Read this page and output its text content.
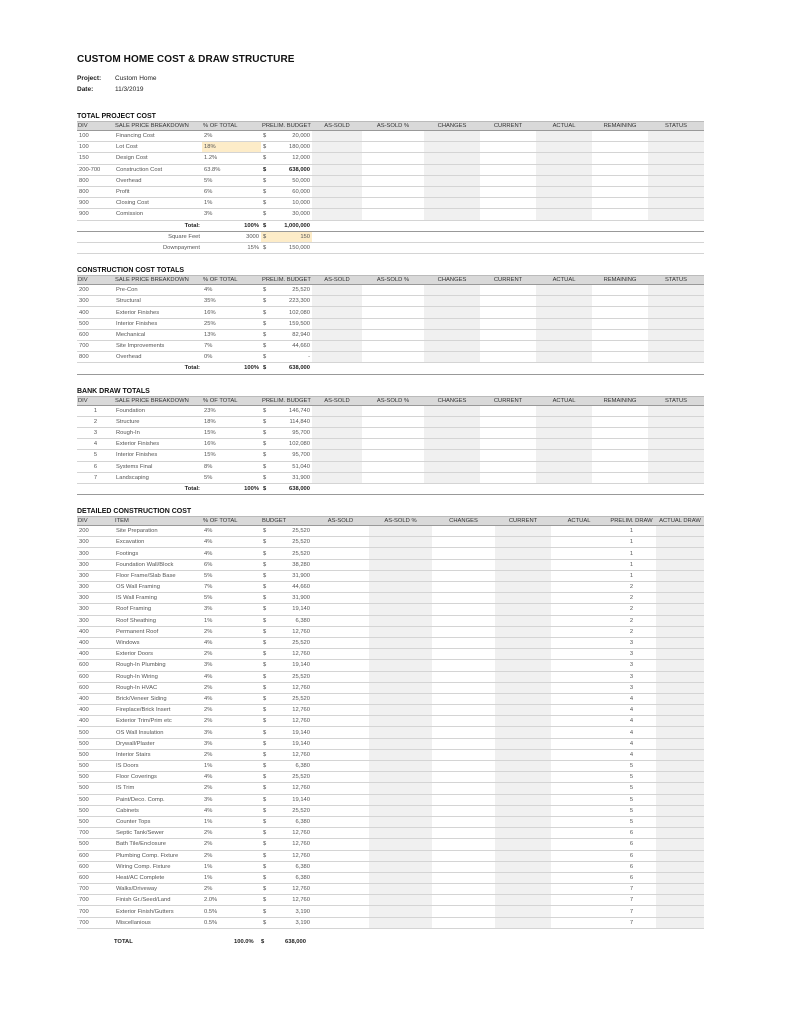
CUSTOM HOME COST & DRAW STRUCTURE
Project:	Custom Home
Date:	11/3/2019
TOTAL PROJECT COST
DIV	SALE PRICE BREAKDOWN	% OF TOTAL	PRELIM. BUDGET	AS-SOLD	AS-SOLD %	CHANGES	CURRENT	ACTUAL	REMAINING	STATUS
100	Financing Cost	2%	$ 20,000							

100	Lot Cost	18%	$ 180,000							

150	Design Cost	1.2%	$ 12,000							

200-700	Construction Cost	63.8%	$ 638,000							

800	Overhead	5%	$ 50,000							

800	Profit	6%	$ 60,000							

900	Closing Cost	1%	$ 10,000							

900	Comission	3%	$ 30,000							

	Total:	100%	$ 1,000,000							

	Square Feet	3000	$ 150							

	Downpayment	15%	$ 150,000							

CONSTRUCTION COST TOTALS
DIV	SALE PRICE BREAKDOWN	% OF TOTAL	PRELIM. BUDGET	AS-SOLD	AS-SOLD %	CHANGES	CURRENT	ACTUAL	REMAINING	STATUS
200	Pre-Con	4%	$ 25,520							

300	Structural	35%	$ 223,300							

400	Exterior Finishes	16%	$ 102,080							

500	Interior Finishes	25%	$ 159,500							

600	Mechanical	13%	$ 82,940							

700	Site Improvements	7%	$ 44,660							

800	Overhead	0%	$ -							

	Total:	100%	$ 638,000							

BANK DRAW TOTALS
DIV	SALE PRICE BREAKDOWN	% OF TOTAL	PRELIM. BUDGET	AS-SOLD	AS-SOLD %	CHANGES	CURRENT	ACTUAL	REMAINING	STATUS
1	Foundation	23%	$ 146,740							

2	Structure	18%	$ 114,840							

3	Rough-In	15%	$ 95,700							

4	Exterior Finishes	16%	$ 102,080							

5	Interior Finishes	15%	$ 95,700							

6	Systems Final	8%	$ 51,040							

7	Landscaping	5%	$ 31,900							

	Total:	100%	$ 638,000							

DETAILED CONSTRUCTION COST
DIV	ITEM	% OF TOTAL	BUDGET	AS-SOLD	AS-SOLD %	CHANGES	CURRENT	ACTUAL	PRELIM. DRAW	ACTUAL DRAW
200	Site Preparation	4%	$ 25,520						1	
300	Excavation	4%	$ 25,520						1	
300	Footings	4%	$ 25,520						1	
300	Foundation Wall/Block	6%	$ 38,280						1	
300	Floor Frame/Slab Base	5%	$ 31,900						1	
300	OS Wall Framing	7%	$ 44,660						2	
300	IS Wall Framing	5%	$ 31,900						2	
300	Roof Framing	3%	$ 19,140						2	
300	Roof Sheathing	1%	$ 6,380						2	
400	Permanent Roof	2%	$ 12,760						2	
400	Windows	4%	$ 25,520						3	
400	Exterior Doors	2%	$ 12,760						3	
600	Rough-In Plumbing	3%	$ 19,140						3	
600	Rough-In Wiring	4%	$ 25,520						3	
600	Rough-In HVAC	2%	$ 12,760						3	
400	Brick/Veneer Siding	4%	$ 25,520						4	
400	Fireplace/Brick Insert	2%	$ 12,760						4	
400	Exterior Trim/Prim etc	2%	$ 12,760						4	
500	OS Wall Insulation	3%	$ 19,140						4	
500	Drywall/Plaster	3%	$ 19,140						4	
500	Interior Stairs	2%	$ 12,760						4	
500	IS Doors	1%	$ 6,380						5	
500	Floor Coverings	4%	$ 25,520						5	
500	IS Trim	2%	$ 12,760						5	
500	Paint/Deco. Comp.	3%	$ 19,140						5	
500	Cabinets	4%	$ 25,520						5	
500	Counter Tops	1%	$ 6,380						5	
700	Septic Tank/Sewer	2%	$ 12,760						6	
500	Bath Tile/Enclosure	2%	$ 12,760						6	
600	Plumbing Comp. Fixture	2%	$ 12,760						6	
600	Wiring Comp. Fixture	1%	$ 6,380						6	
600	Heat/AC Complete	1%	$ 6,380						6	
700	Walks/Driveway	2%	$ 12,760						7	
700	Finish Gr./Seed/Land	2.0%	$ 12,760						7	
700	Exterior Finish/Gutters	0.5%	$ 3,190						7	
700	Miscellanious	0.5%	$ 3,190						7	
TOTAL	100.0% $	638,000
